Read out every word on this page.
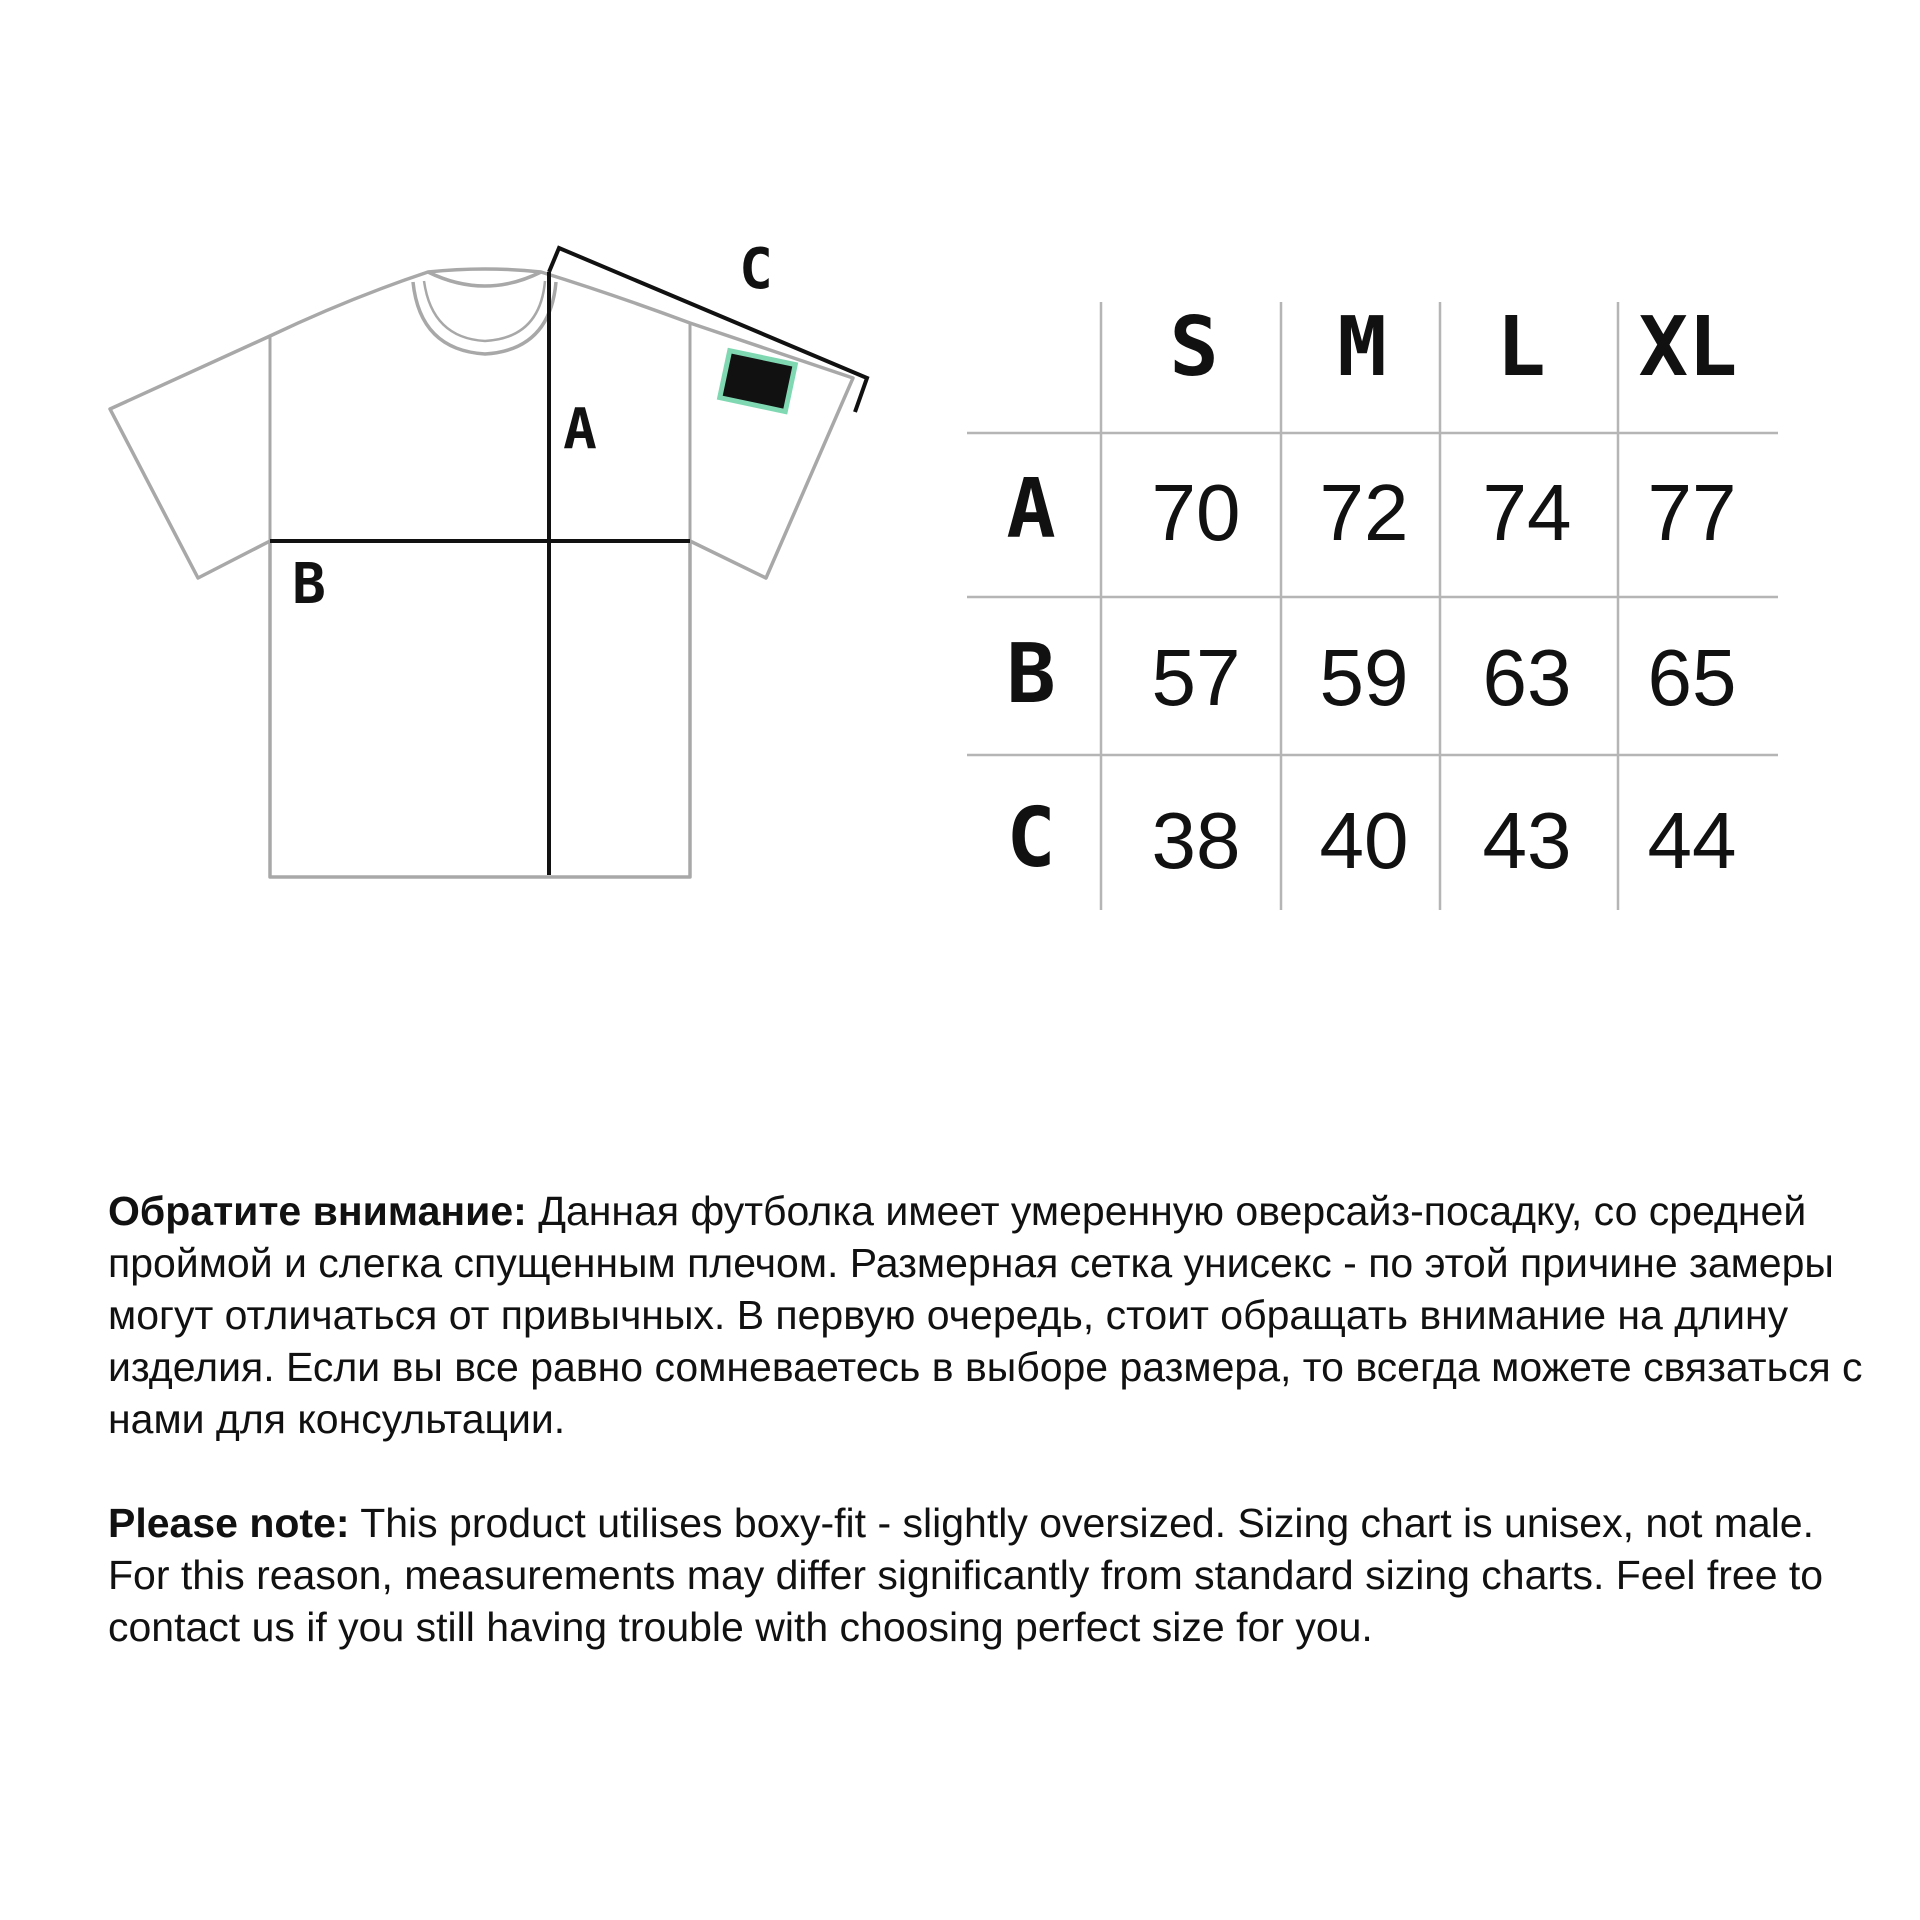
A
B
C
S M L XL
A 70 72 74 77
B 57 59 63 65
C 38 40 43 44

Обратите внимание: Данная футболка имеет умеренную оверсайз-посадку, со средней проймой и слегка спущенным плечом. Размерная сетка унисекс - по этой причине замеры могут отличаться от привычных. В первую очередь, стоит обращать внимание на длину изделия. Если вы все равно сомневаетесь в выборе размера, то всегда можете связаться с нами для консультации.

Please note: This product utilises boxy-fit - slightly oversized. Sizing chart is unisex, not male. For this reason, measurements may differ significantly from standard sizing charts. Feel free to contact us if you still having trouble with choosing perfect size for you.
